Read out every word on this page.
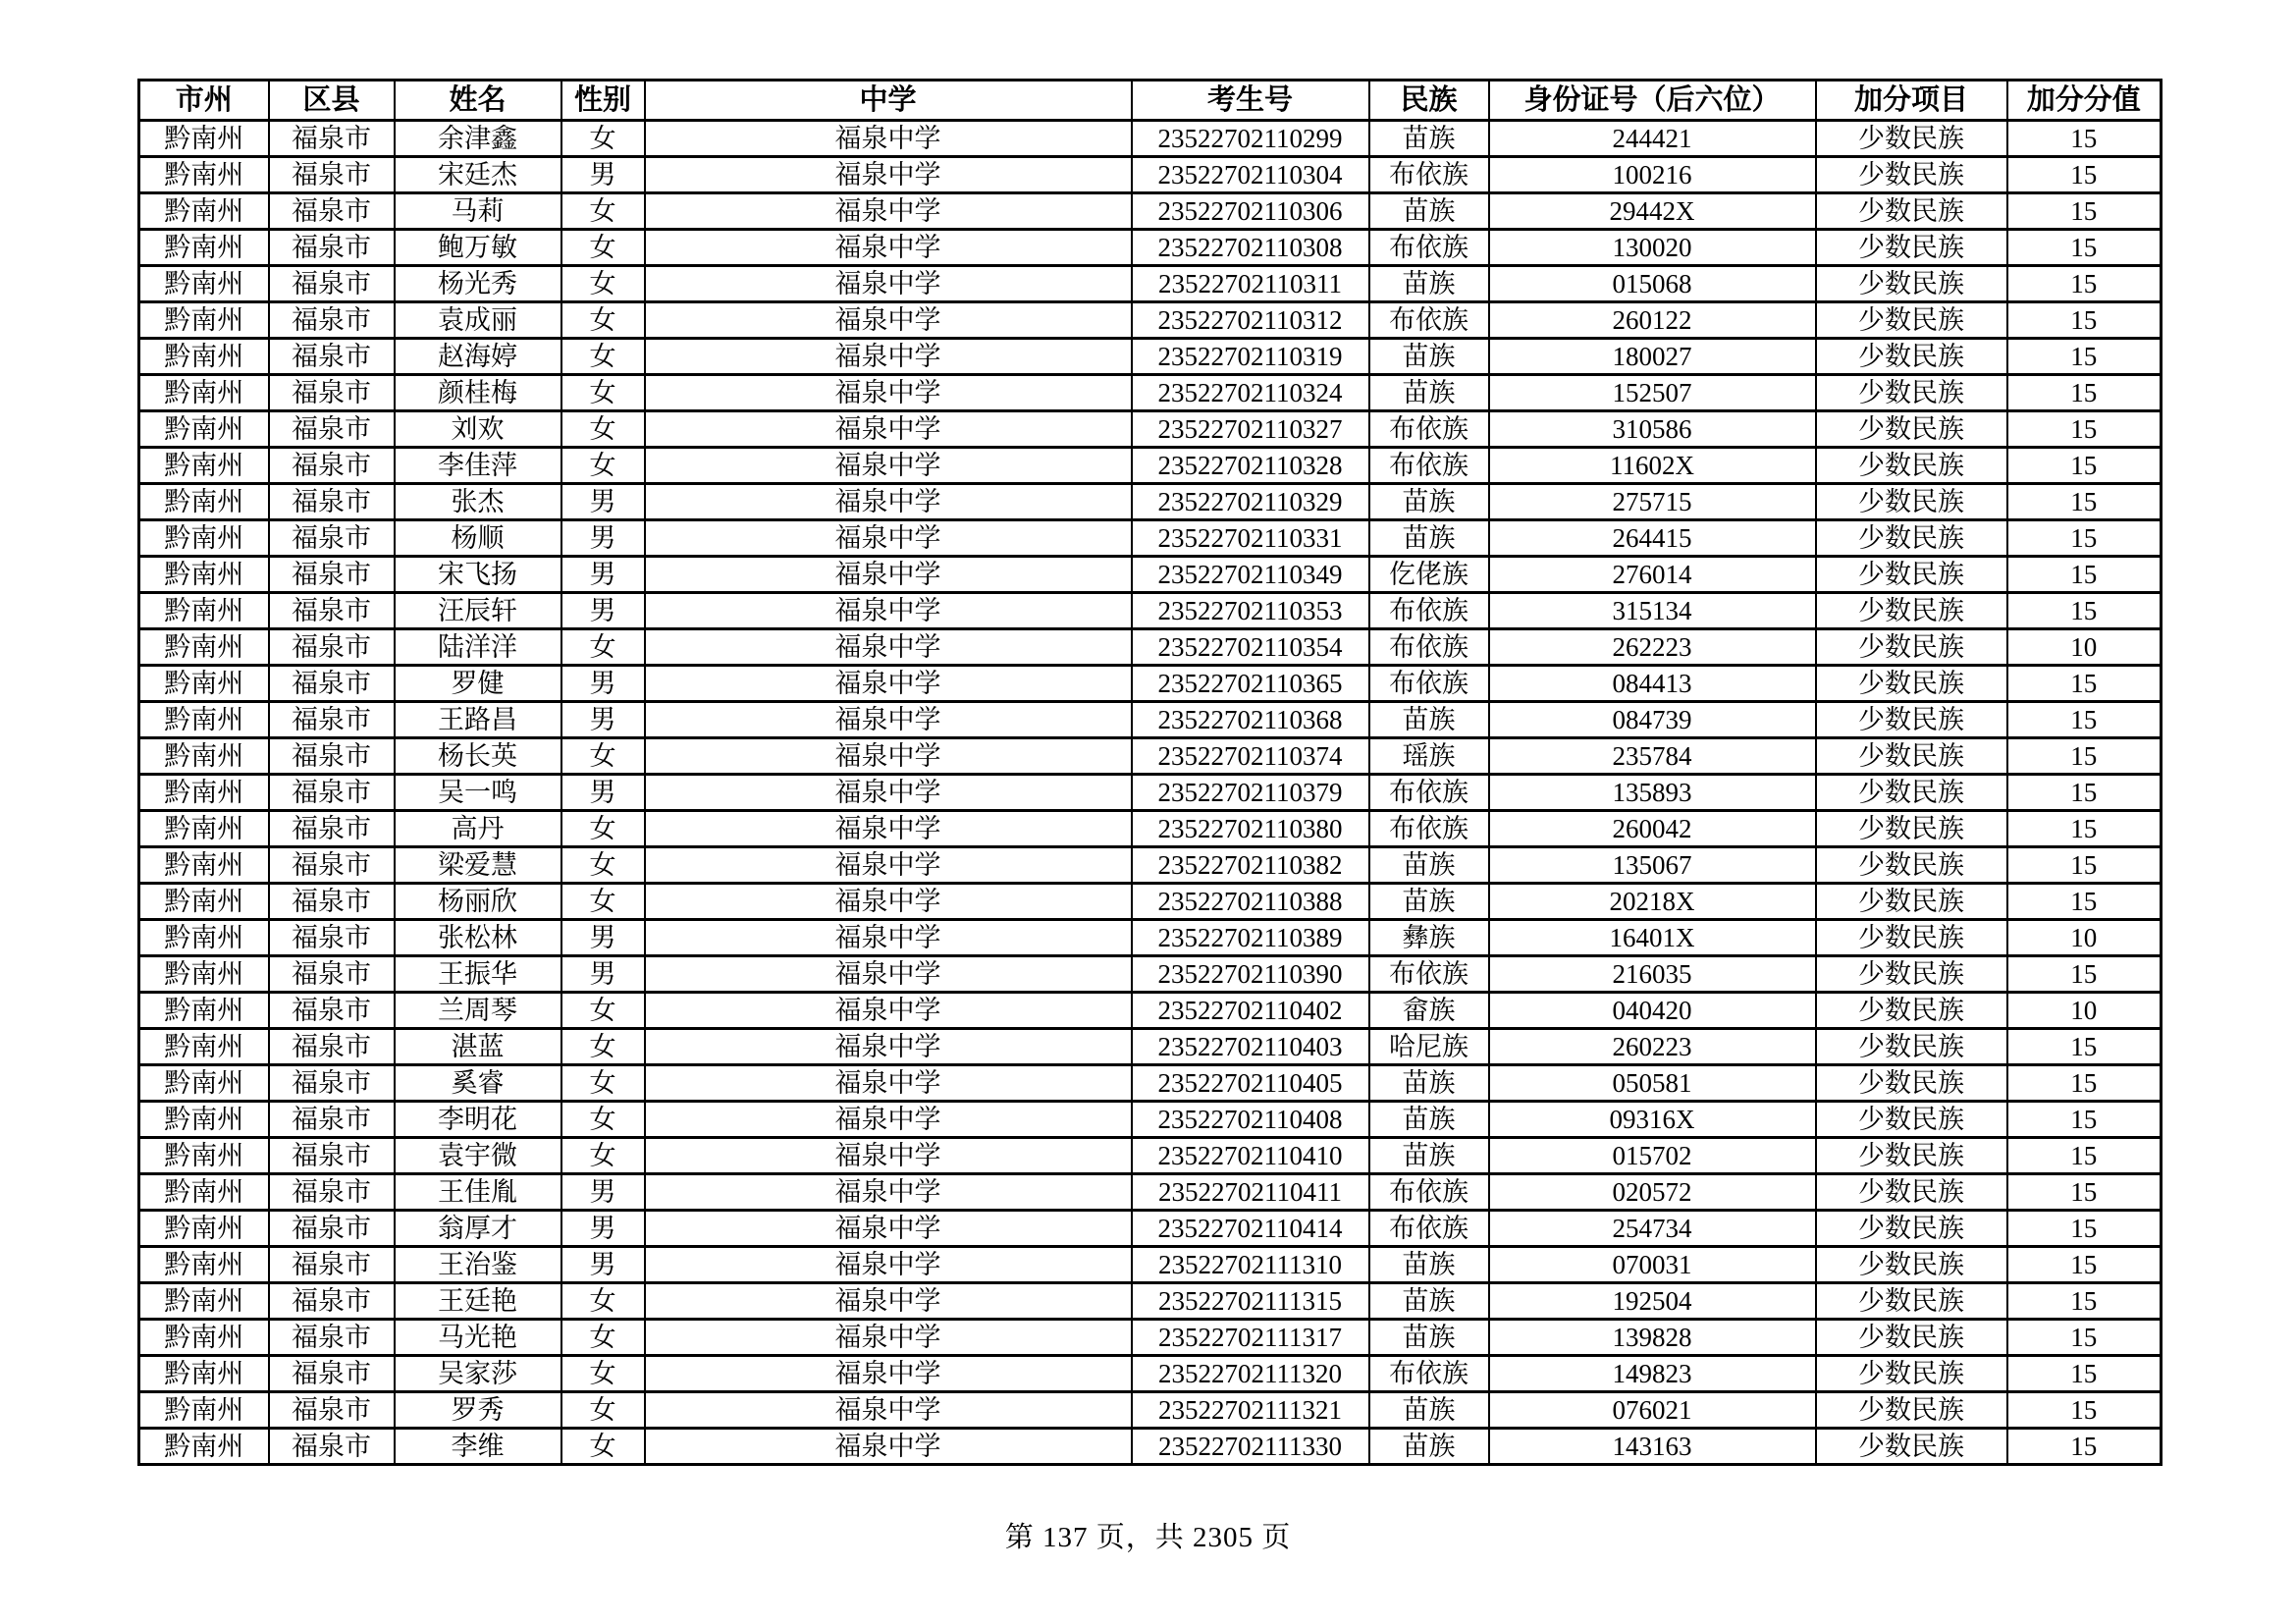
市州	区县	姓名	性别	中学	考生号	民族	身份证号（后六位）	加分项目	加分分值
黔南州	福泉市	余津鑫	女	福泉中学	23522702110299	苗族	244421	少数民族	15
黔南州	福泉市	宋廷杰	男	福泉中学	23522702110304	布依族	100216	少数民族	15
黔南州	福泉市	马莉	女	福泉中学	23522702110306	苗族	29442X	少数民族	15
黔南州	福泉市	鲍万敏	女	福泉中学	23522702110308	布依族	130020	少数民族	15
黔南州	福泉市	杨光秀	女	福泉中学	23522702110311	苗族	015068	少数民族	15
黔南州	福泉市	袁成丽	女	福泉中学	23522702110312	布依族	260122	少数民族	15
黔南州	福泉市	赵海婷	女	福泉中学	23522702110319	苗族	180027	少数民族	15
黔南州	福泉市	颜桂梅	女	福泉中学	23522702110324	苗族	152507	少数民族	15
黔南州	福泉市	刘欢	女	福泉中学	23522702110327	布依族	310586	少数民族	15
黔南州	福泉市	李佳萍	女	福泉中学	23522702110328	布依族	11602X	少数民族	15
黔南州	福泉市	张杰	男	福泉中学	23522702110329	苗族	275715	少数民族	15
黔南州	福泉市	杨顺	男	福泉中学	23522702110331	苗族	264415	少数民族	15
黔南州	福泉市	宋飞扬	男	福泉中学	23522702110349	仡佬族	276014	少数民族	15
黔南州	福泉市	汪辰轩	男	福泉中学	23522702110353	布依族	315134	少数民族	15
黔南州	福泉市	陆洋洋	女	福泉中学	23522702110354	布依族	262223	少数民族	10
黔南州	福泉市	罗健	男	福泉中学	23522702110365	布依族	084413	少数民族	15
黔南州	福泉市	王路昌	男	福泉中学	23522702110368	苗族	084739	少数民族	15
黔南州	福泉市	杨长英	女	福泉中学	23522702110374	瑶族	235784	少数民族	15
黔南州	福泉市	吴一鸣	男	福泉中学	23522702110379	布依族	135893	少数民族	15
黔南州	福泉市	高丹	女	福泉中学	23522702110380	布依族	260042	少数民族	15
黔南州	福泉市	梁爱慧	女	福泉中学	23522702110382	苗族	135067	少数民族	15
黔南州	福泉市	杨丽欣	女	福泉中学	23522702110388	苗族	20218X	少数民族	15
黔南州	福泉市	张松林	男	福泉中学	23522702110389	彝族	16401X	少数民族	10
黔南州	福泉市	王振华	男	福泉中学	23522702110390	布依族	216035	少数民族	15
黔南州	福泉市	兰周琴	女	福泉中学	23522702110402	畲族	040420	少数民族	10
黔南州	福泉市	湛蓝	女	福泉中学	23522702110403	哈尼族	260223	少数民族	15
黔南州	福泉市	奚睿	女	福泉中学	23522702110405	苗族	050581	少数民族	15
黔南州	福泉市	李明花	女	福泉中学	23522702110408	苗族	09316X	少数民族	15
黔南州	福泉市	袁宇微	女	福泉中学	23522702110410	苗族	015702	少数民族	15
黔南州	福泉市	王佳胤	男	福泉中学	23522702110411	布依族	020572	少数民族	15
黔南州	福泉市	翁厚才	男	福泉中学	23522702110414	布依族	254734	少数民族	15
黔南州	福泉市	王治鉴	男	福泉中学	23522702111310	苗族	070031	少数民族	15
黔南州	福泉市	王廷艳	女	福泉中学	23522702111315	苗族	192504	少数民族	15
黔南州	福泉市	马光艳	女	福泉中学	23522702111317	苗族	139828	少数民族	15
黔南州	福泉市	吴家莎	女	福泉中学	23522702111320	布依族	149823	少数民族	15
黔南州	福泉市	罗秀	女	福泉中学	23522702111321	苗族	076021	少数民族	15
黔南州	福泉市	李维	女	福泉中学	23522702111330	苗族	143163	少数民族	15
第 137 页，共 2305 页
